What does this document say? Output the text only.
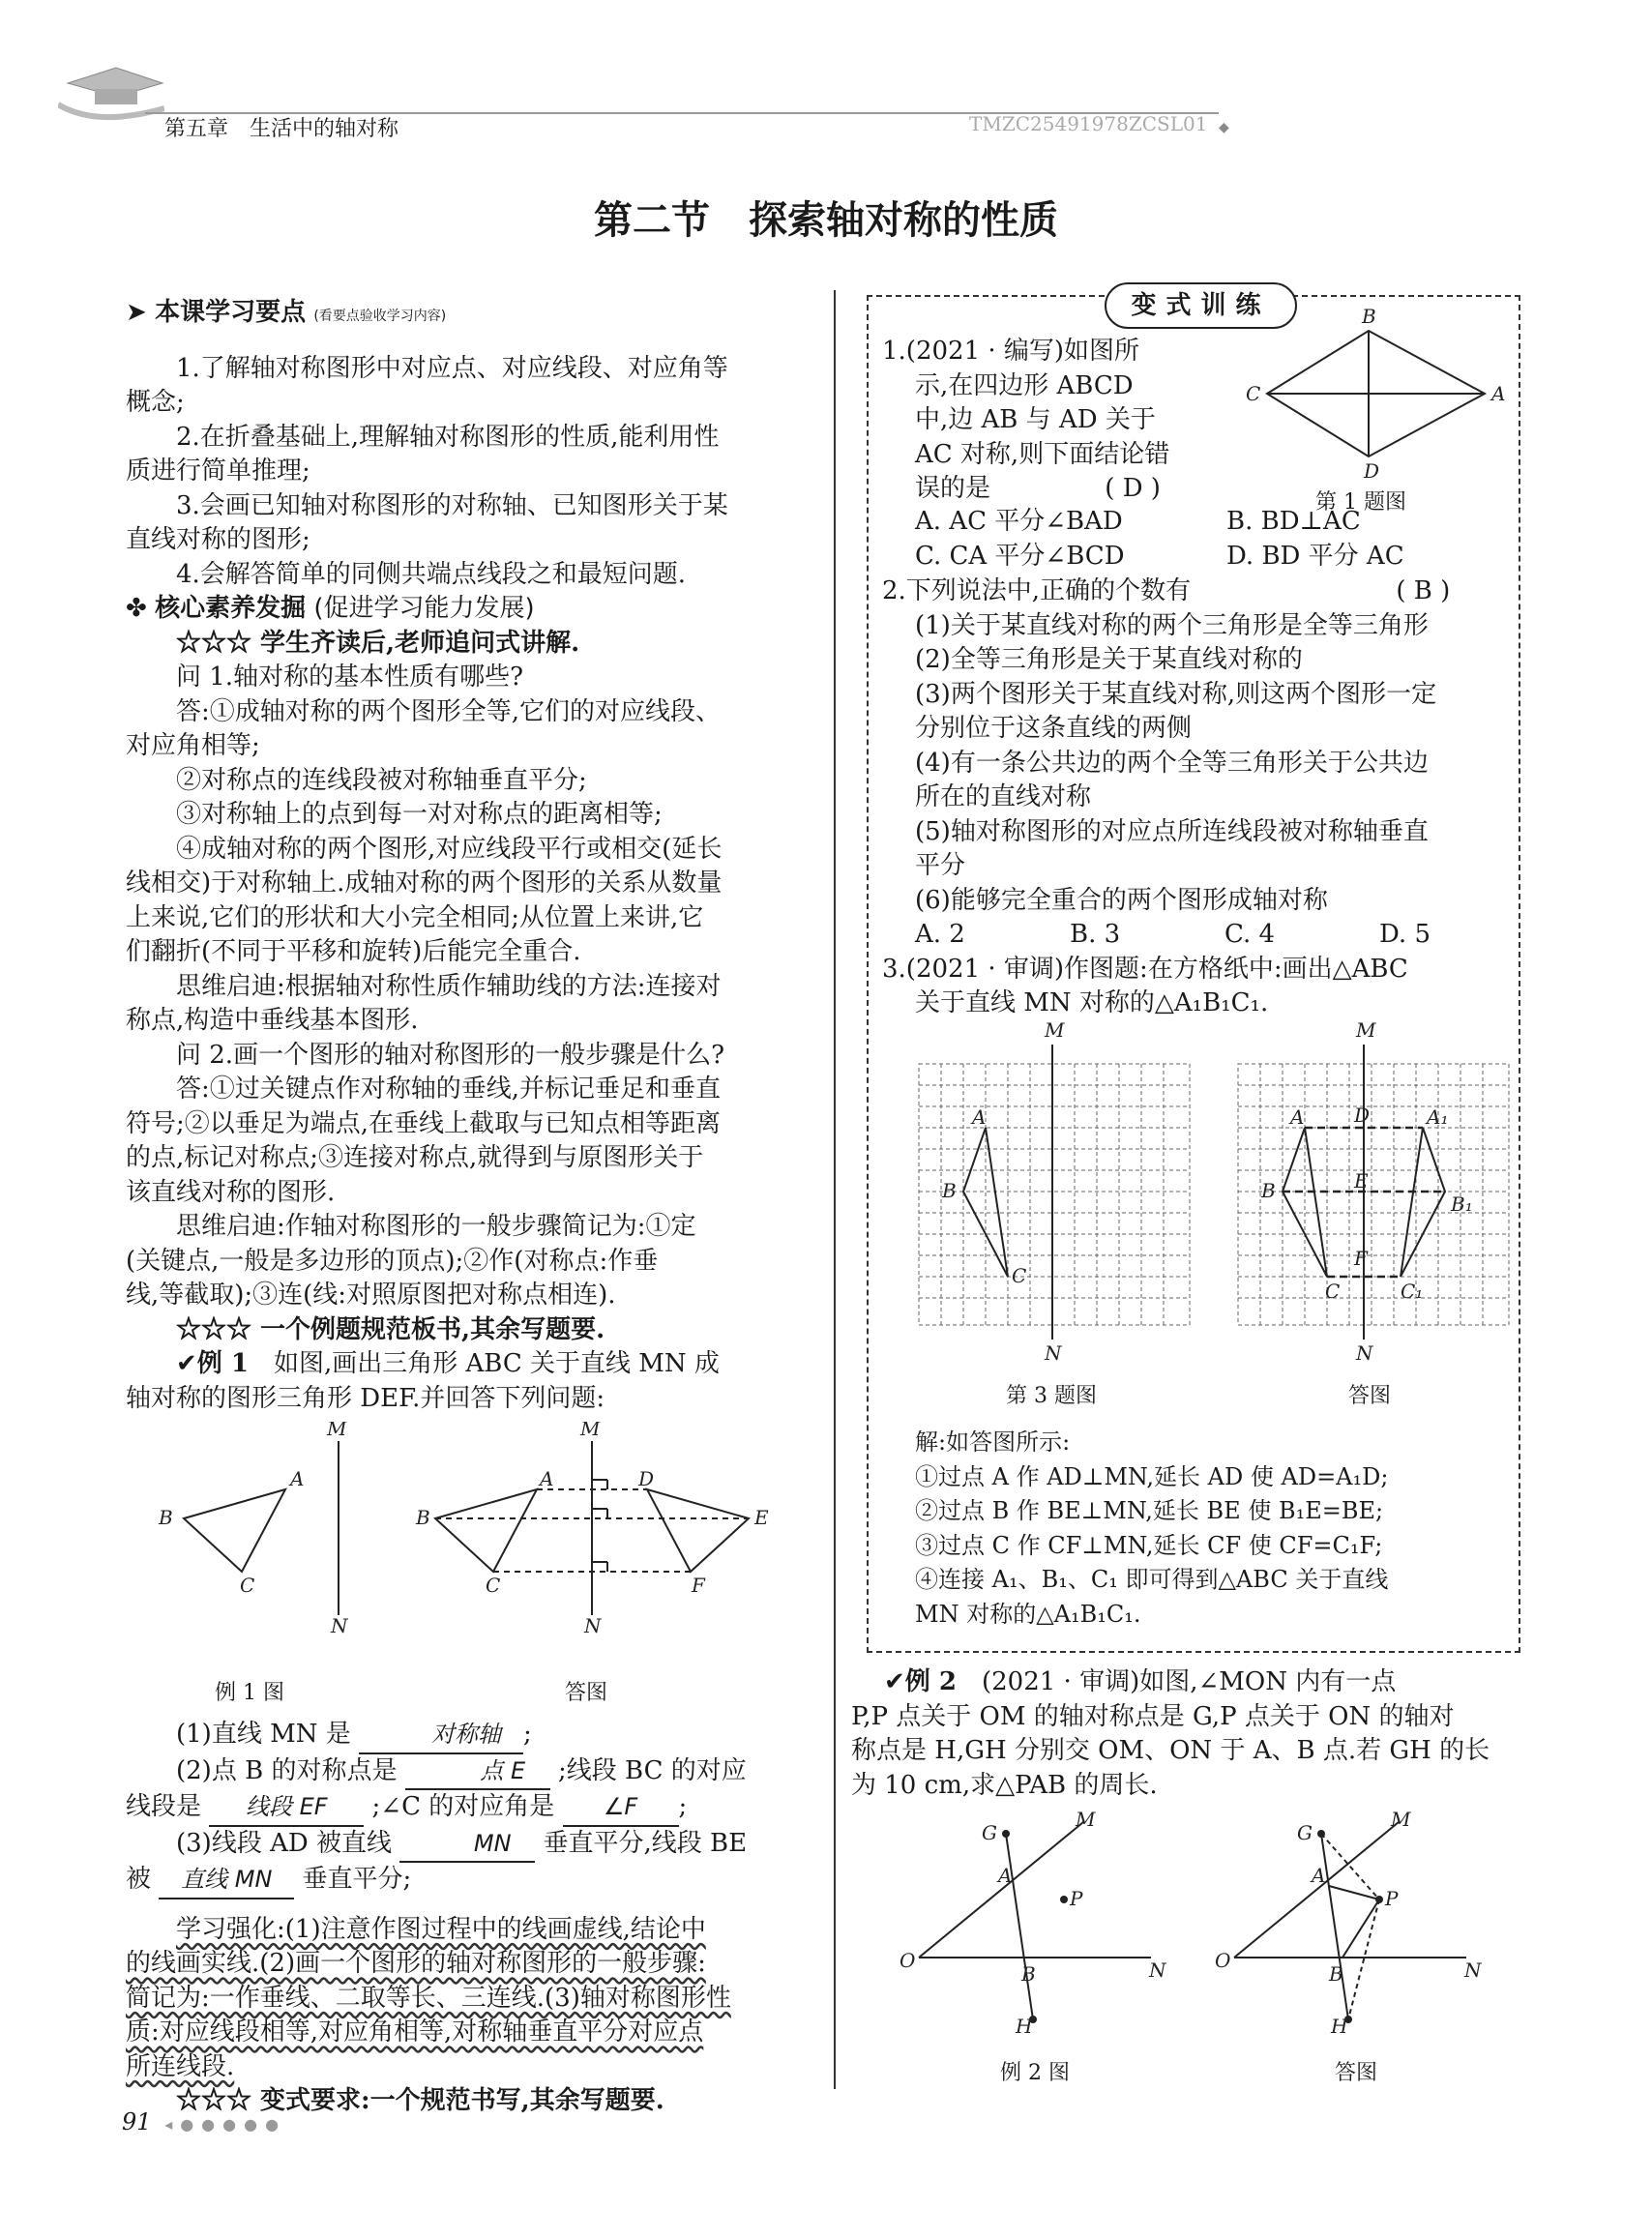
第五章　生活中的轴对称	TMZC25491978ZCSL01 ◆
第二节　探索轴对称的性质
➤ 本课学习要点 (看要点验收学习内容)
1.了解轴对称图形中对应点、对应线段、对应角等
概念;
2.在折叠基础上,理解轴对称图形的性质,能利用性
质进行简单推理;
3.会画已知轴对称图形的对称轴、已知图形关于某
直线对称的图形;
4.会解答简单的同侧共端点线段之和最短问题.
✤ 核心素养发掘 (促进学习能力发展)
☆☆☆ 学生齐读后,老师追问式讲解.
问 1.轴对称的基本性质有哪些?
答:①成轴对称的两个图形全等,它们的对应线段、
对应角相等;
②对称点的连线段被对称轴垂直平分;
③对称轴上的点到每一对对称点的距离相等;
④成轴对称的两个图形,对应线段平行或相交(延长
线相交)于对称轴上.成轴对称的两个图形的关系从数量
上来说,它们的形状和大小完全相同;从位置上来讲,它
们翻折(不同于平移和旋转)后能完全重合.
思维启迪:根据轴对称性质作辅助线的方法:连接对
称点,构造中垂线基本图形.
问 2.画一个图形的轴对称图形的一般步骤是什么?
答:①过关键点作对称轴的垂线,并标记垂足和垂直
符号;②以垂足为端点,在垂线上截取与已知点相等距离
的点,标记对称点;③连接对称点,就得到与原图形关于
该直线对称的图形.
思维启迪:作轴对称图形的一般步骤简记为:①定
(关键点,一般是多边形的顶点);②作(对称点:作垂
线,等截取);③连(线:对照原图把对称点相连).
☆☆☆ 一个例题规范板书,其余写题要.
✔例 1　 如图,画出三角形 ABC 关于直线 MN 成
轴对称的图形三角形 DEF.并回答下列问题:
M
N
A
B
C
M
N
A
B
C
D
E
F
例 1 图	答图
(1)直线 MN 是	对称轴 ;
(2)点 B 的对称点是	点 E ;线段 BC 的对应
线段是 线段 EF ;∠C 的对应角是 ∠F ;
(3)线段 AD 被直线	MN 垂直平分,线段 BE
被 直线 MN 垂直平分;
学习强化:(1)注意作图过程中的线画虚线,结论中
的线画实线.(2)画一个图形的轴对称图形的一般步骤:
简记为:一作垂线、二取等长、三连线.(3)轴对称图形性
质:对应线段相等,对应角相等,对称轴垂直平分对应点
所连线段.
☆☆☆ 变式要求:一个规范书写,其余写题要.
变式训练
1.(2021 · 编写)如图所
示,在四边形 ABCD
中,边 AB 与 AD 关于
AC 对称,则下面结论错
误的是	( D )
B
C	A
D
第 1 题图
A. AC 平分∠BAD	B. BD⊥AC
C. CA 平分∠BCD	D. BD 平分 AC
2.下列说法中,正确的个数有	( B )
(1)关于某直线对称的两个三角形是全等三角形
(2)全等三角形是关于某直线对称的
(3)两个图形关于某直线对称,则这两个图形一定
分别位于这条直线的两侧
(4)有一条公共边的两个全等三角形关于公共边
所在的直线对称
(5)轴对称图形的对应点所连线段被对称轴垂直
平分
(6)能够完全重合的两个图形成轴对称
A. 2	B. 3	C. 4	D. 5
3.(2021 · 审调)作图题:在方格纸中:画出△ABC
关于直线 MN 对称的△A₁B₁C₁.
M
N
A
B
C
M
N
A
B
C
D
E
F
A₁
B₁
C₁
第 3 题图	答图
解:如答图所示:
①过点 A 作 AD⊥MN,延长 AD 使 AD=A₁D;
②过点 B 作 BE⊥MN,延长 BE 使 B₁E=BE;
③过点 C 作 CF⊥MN,延长 CF 使 CF=C₁F;
④连接 A₁、B₁、C₁ 即可得到△ABC 关于直线
MN 对称的△A₁B₁C₁.
✔例 2　 (2021 · 审调)如图,∠MON 内有一点
P,P 点关于 OM 的轴对称点是 G,P 点关于 ON 的轴对
称点是 H,GH 分别交 OM、ON 于 A、B 点.若 GH 的长
为 10 cm,求△PAB 的周长.
G
M
A
P
O
B	N
H
G
M
A
P
O
B	N
H
例 2 图	答图
91 ◂●●●●●
